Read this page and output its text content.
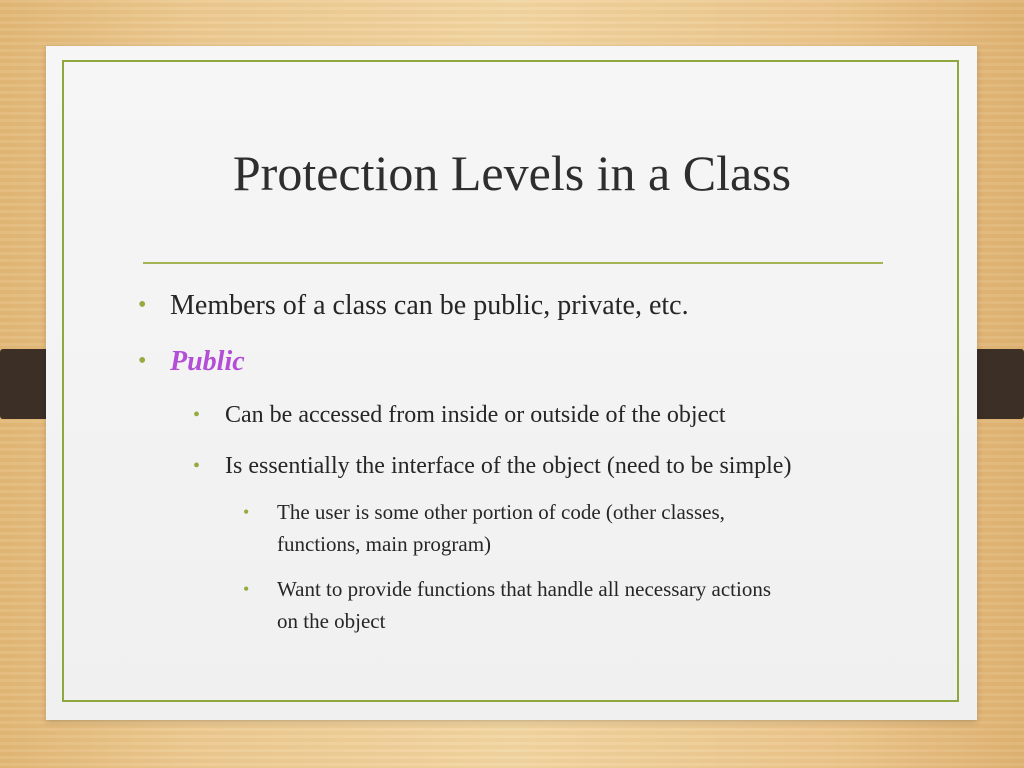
Protection Levels in a Class
• Members of a class can be public, private, etc.
• Public
•	Can be accessed from inside or outside of the object
•	Is essentially the interface of the object (need to be simple)
•	The user is some other portion of code (other classes,
functions, main program)
•	Want to provide functions that handle all necessary actions
on the object
